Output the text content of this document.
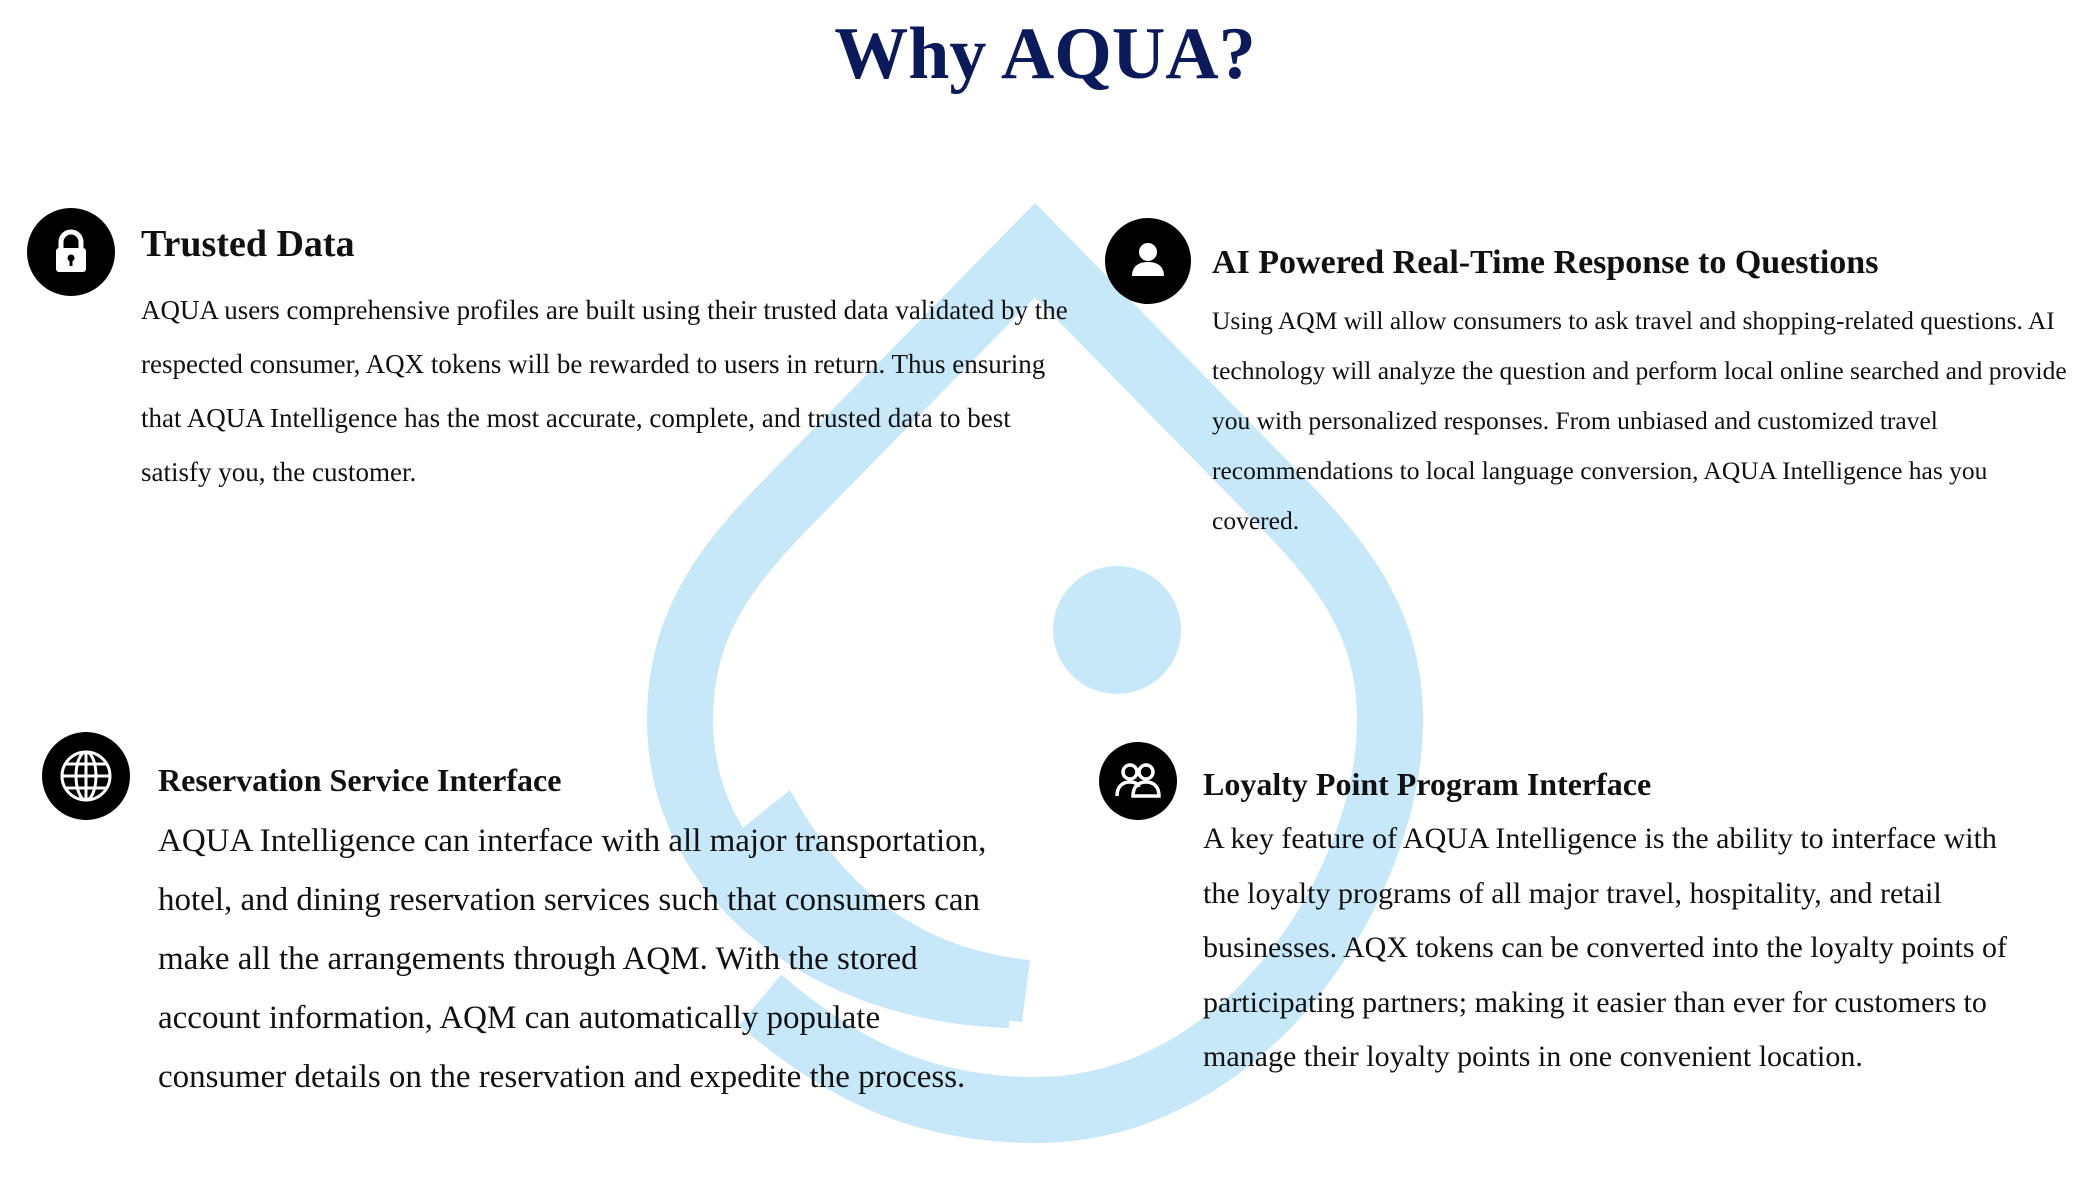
Why AQUA?
Trusted Data

AQUA users comprehensive profiles are built using their trusted data validated by the respected consumer, AQX tokens will be rewarded to users in return. Thus ensuring that AQUA Intelligence has the most accurate, complete, and trusted data to best satisfy you, the customer.

AI Powered Real-Time Response to Questions

Using AQM will allow consumers to ask travel and shopping-related questions. AI technology will analyze the question and perform local online searched and provide you with personalized responses. From unbiased and customized travel recommendations to local language conversion, AQUA Intelligence has you covered.

Reservation Service Interface

AQUA Intelligence can interface with all major transportation, hotel, and dining reservation services such that consumers can make all the arrangements through AQM. With the stored account information, AQM can automatically populate consumer details on the reservation and expedite the process.

Loyalty Point Program Interface

A key feature of AQUA Intelligence is the ability to interface with the loyalty programs of all major travel, hospitality, and retail businesses. AQX tokens can be converted into the loyalty points of participating partners; making it easier than ever for customers to manage their loyalty points in one convenient location.
